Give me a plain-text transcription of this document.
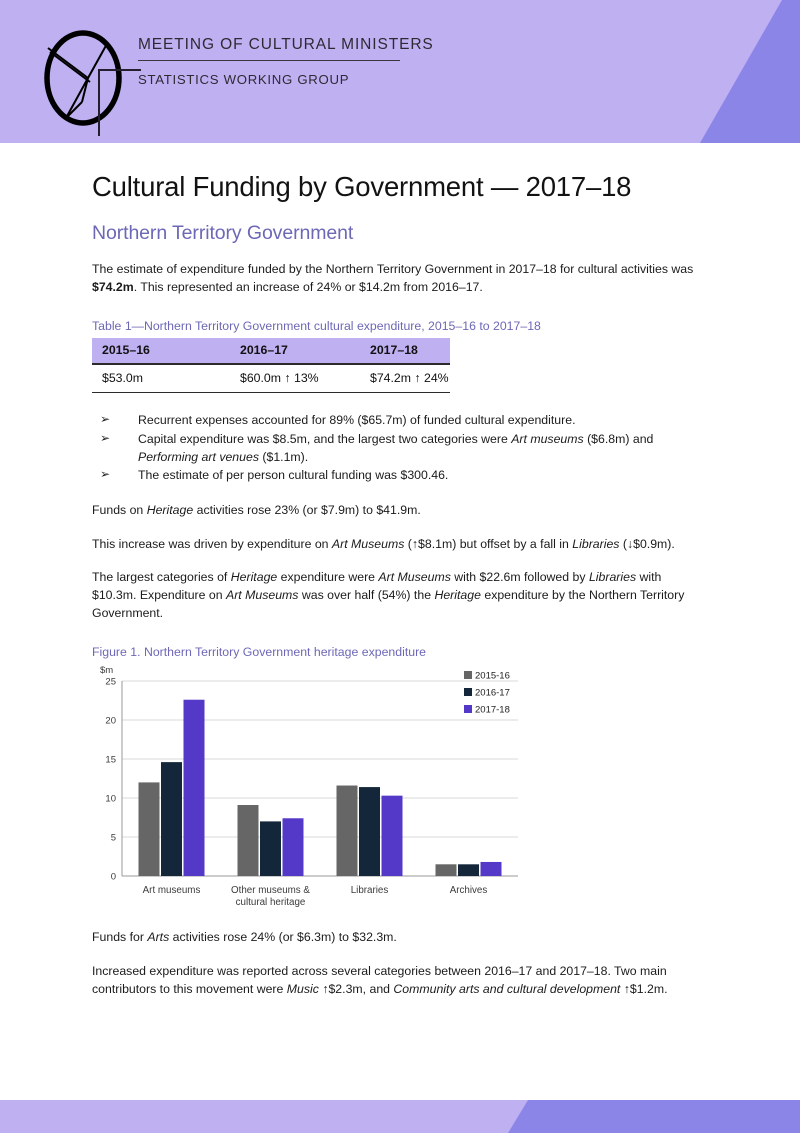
MEETING OF CULTURAL MINISTERS
STATISTICS WORKING GROUP
Cultural Funding by Government — 2017–18
Northern Territory Government

The estimate of expenditure funded by the Northern Territory Government in 2017–18 for cultural activities was $74.2m. This represented an increase of 24% or $14.2m from 2016–17.

Table 1—Northern Territory Government cultural expenditure, 2015–16 to 2017–18
2015–16	2016–17	2017–18
$53.0m	$60.0m ↑ 13%	$74.2m ↑ 24%
➢ Recurrent expenses accounted for 89% ($65.7m) of funded cultural expenditure.
➢ Capital expenditure was $8.5m, and the largest two categories were Art museums ($6.8m) and Performing art venues ($1.1m).
➢ The estimate of per person cultural funding was $300.46.

Funds on Heritage activities rose 23% (or $7.9m) to $41.9m.

This increase was driven by expenditure on Art Museums (↑$8.1m) but offset by a fall in Libraries (↓$0.9m).

The largest categories of Heritage expenditure were Art Museums with $22.6m followed by Libraries with $10.3m. Expenditure on Art Museums was over half (54%) the Heritage expenditure by the Northern Territory Government.

Figure 1. Northern Territory Government heritage expenditure
0
5
10
15
20
25
Art museums	Other museums &
cultural heritage
Libraries	Archives
2015-16
2016-17
2017-18
$m

Funds for Arts activities rose 24% (or $6.3m) to $32.3m.

Increased expenditure was reported across several categories between 2016–17 and 2017–18. Two main contributors to this movement were Music ↑$2.3m, and Community arts and cultural development ↑$1.2m.
